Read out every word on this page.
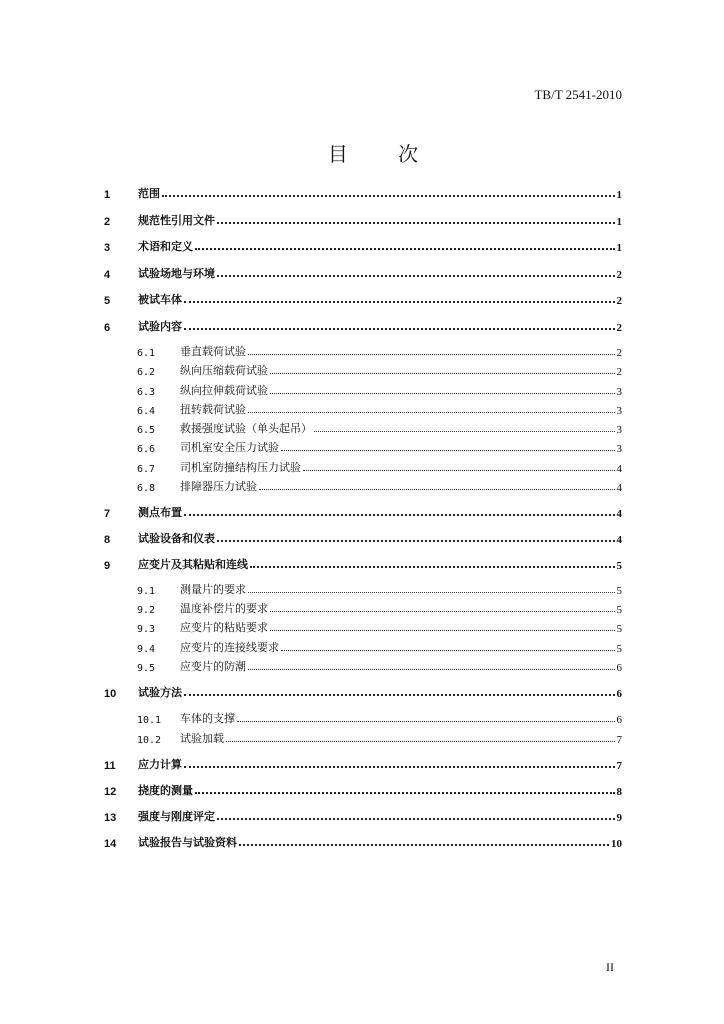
TB/T 2541-2010
目 次
1	范围	1
2	规范性引用文件	1
3	术语和定义	1
4	试验场地与环境	2
5	被试车体	2
6	试验内容	2
6.1	垂直载荷试验	2
6.2	纵向压缩载荷试验	2
6.3	纵向拉伸载荷试验	3
6.4	扭转载荷试验	3
6.5	救援强度试验（单头起吊）	3
6.6	司机室安全压力试验	3
6.7	司机室防撞结构压力试验	4
6.8	排障器压力试验	4
7	测点布置	4
8	试验设备和仪表	4
9	应变片及其粘贴和连线	5
9.1	测量片的要求	5
9.2	温度补偿片的要求	5
9.3	应变片的粘贴要求	5
9.4	应变片的连接线要求	5
9.5	应变片的防潮	6
10	试验方法	6
10.1	车体的支撑	6
10.2	试验加载	7
11	应力计算	7
12	挠度的测量	8
13	强度与刚度评定	9
14	试验报告与试验资料	10
II
